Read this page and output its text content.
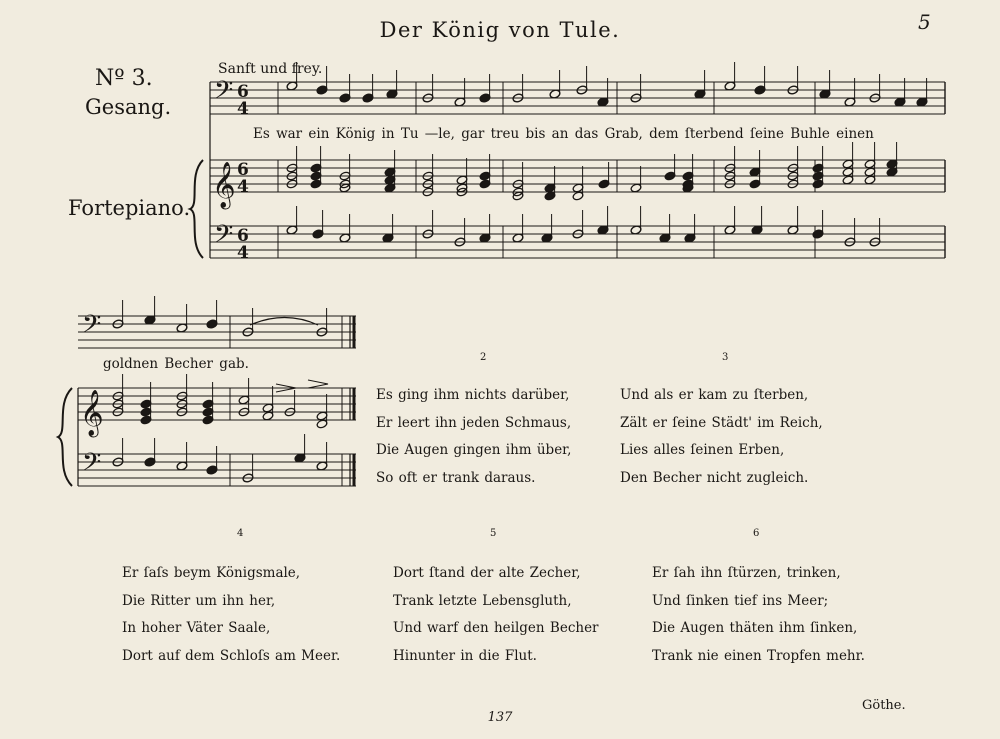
Der König von Tule.	5
Nº 3.
Gesang.
Fortepiano.
Sanft und frey.
Es war ein König in Tu —le, gar treu bis an das Grab, dem ſterbend ſeine Buhle einen
goldnen Becher gab.
𝄢
𝄞
𝄢
6
4
6
4
6
4
𝄢
𝄞
𝄢
2	3
4	5	6
Es ging ihm nichts darüber,
Er leert ihn jeden Schmaus,
Die Augen gingen ihm über,
So oft er trank daraus.
Und als er kam zu ſterben,
Zält er ſeine Städt' im Reich,
Lies alles ſeinen Erben,
Den Becher nicht zugleich.
Er ſaſs beym Königsmale,
Die Ritter um ihn her,
In hoher Väter Saale,
Dort auf dem Schloſs am Meer.
Dort ſtand der alte Zecher,
Trank letzte Lebensgluth,
Und warf den heilgen Becher
Hinunter in die Flut.
Er ſah ihn ſtürzen, trinken,
Und ſinken tief ins Meer;
Die Augen thäten ihm ſinken,
Trank nie einen Tropfen mehr.
Göthe.
137
